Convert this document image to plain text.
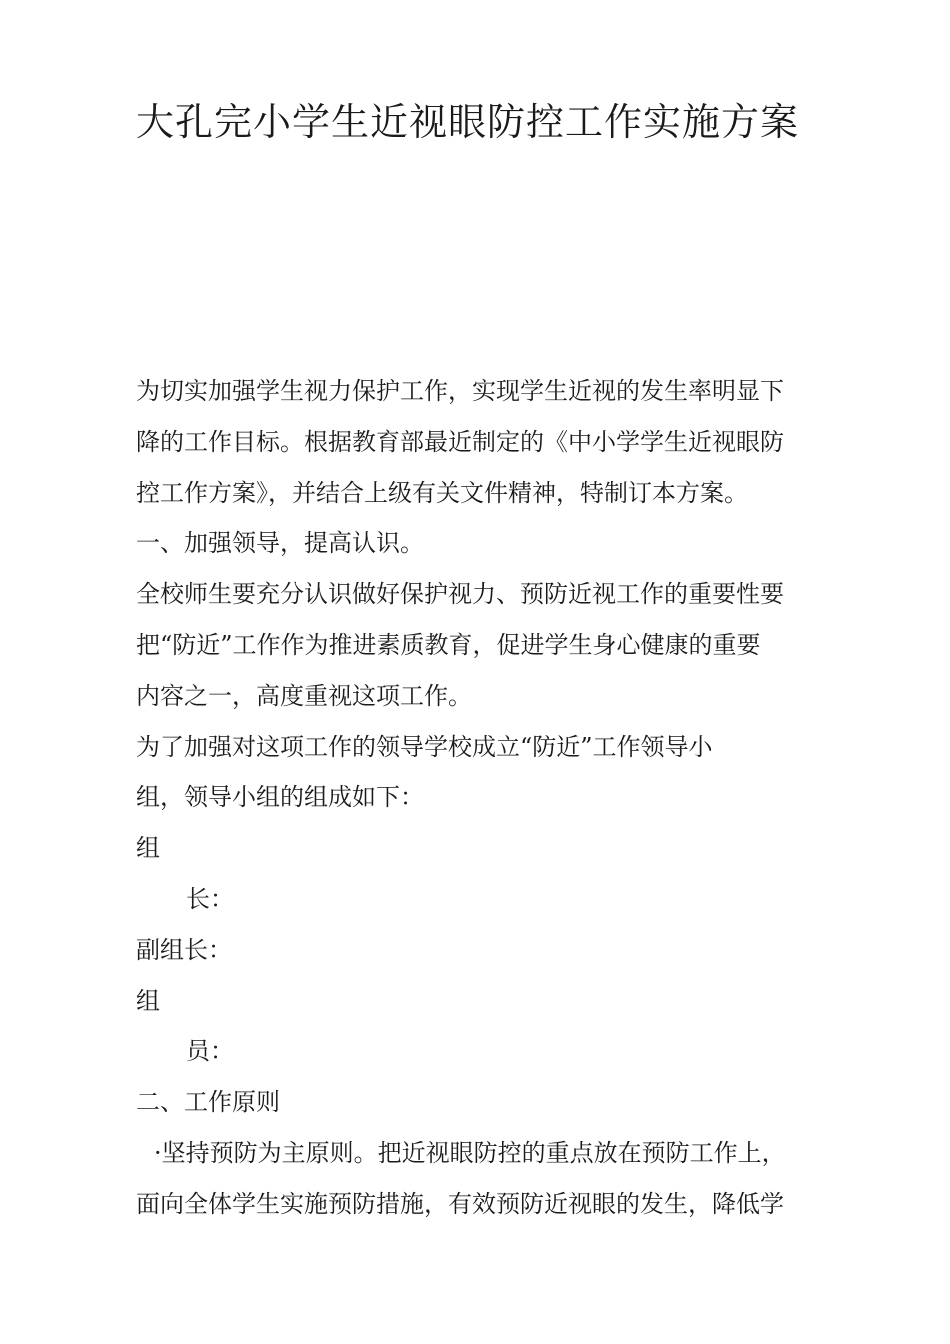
大孔完小学生近视眼防控工作实施方案
为切实加强学生视力保护工作，实现学生近视的发生率明显下
降的工作目标。根据教育部最近制定的《中小学学生近视眼防
控工作方案》，并结合上级有关文件精神，特制订本方案。
一、加强领导，提高认识。
全校师生要充分认识做好保护视力、预防近视工作的重要性要
把“防近”工作作为推进素质教育，促进学生身心健康的重要
内容之一，高度重视这项工作。
为了加强对这项工作的领导学校成立“防近”工作领导小
组，领导小组的组成如下：
组
长：
副组长：
组
员：
二、工作原则
·坚持预防为主原则。把近视眼防控的重点放在预防工作上，
面向全体学生实施预防措施，有效预防近视眼的发生，降低学
